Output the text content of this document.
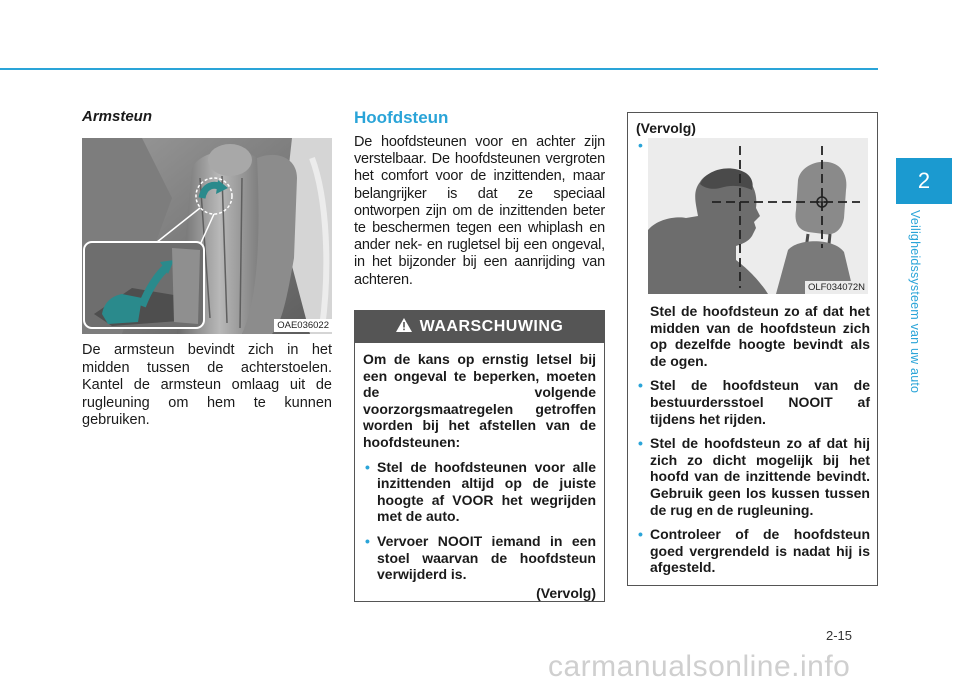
2
Veiligheidssysteem van uw auto
Armsteun
OAE036022

De armsteun bevindt zich in het midden tussen de achterstoelen. Kantel de armsteun omlaag uit de rugleuning om hem te kunnen gebruiken.

Hoofdsteun

De hoofdsteunen voor en achter zijn verstelbaar. De hoofdsteunen vergroten het comfort voor de inzittenden, maar belangrijker is dat ze speciaal ontworpen zijn om de inzittenden beter te beschermen tegen een whiplash en ander nek- en rugletsel bij een ongeval, in het bijzonder bij een aanrijding van achteren.

WAARSCHUWING

Om de kans op ernstig letsel bij een ongeval te beperken, moeten de volgende voorzorgsmaatregelen getroffen worden bij het afstellen van de hoofdsteunen:

• Stel de hoofdsteunen voor alle inzittenden altijd op de juiste hoogte af VOOR het wegrijden met de auto.
• Vervoer NOOIT iemand in een stoel waarvan de hoofdsteun verwijderd is.
(Vervolg)
(Vervolg)
•
OLF034072N

Stel de hoofdsteun zo af dat het midden van de hoofdsteun zich op dezelfde hoogte bevindt als de ogen.

• Stel de hoofdsteun van de bestuurdersstoel NOOIT af tijdens het rijden.
• Stel de hoofdsteun zo af dat hij zich zo dicht mogelijk bij het hoofd van de inzittende bevindt. Gebruik geen los kussen tussen de rug en de rugleuning.
• Controleer of de hoofdsteun goed vergrendeld is nadat hij is afgesteld.
2-15
carmanualsonline.info
